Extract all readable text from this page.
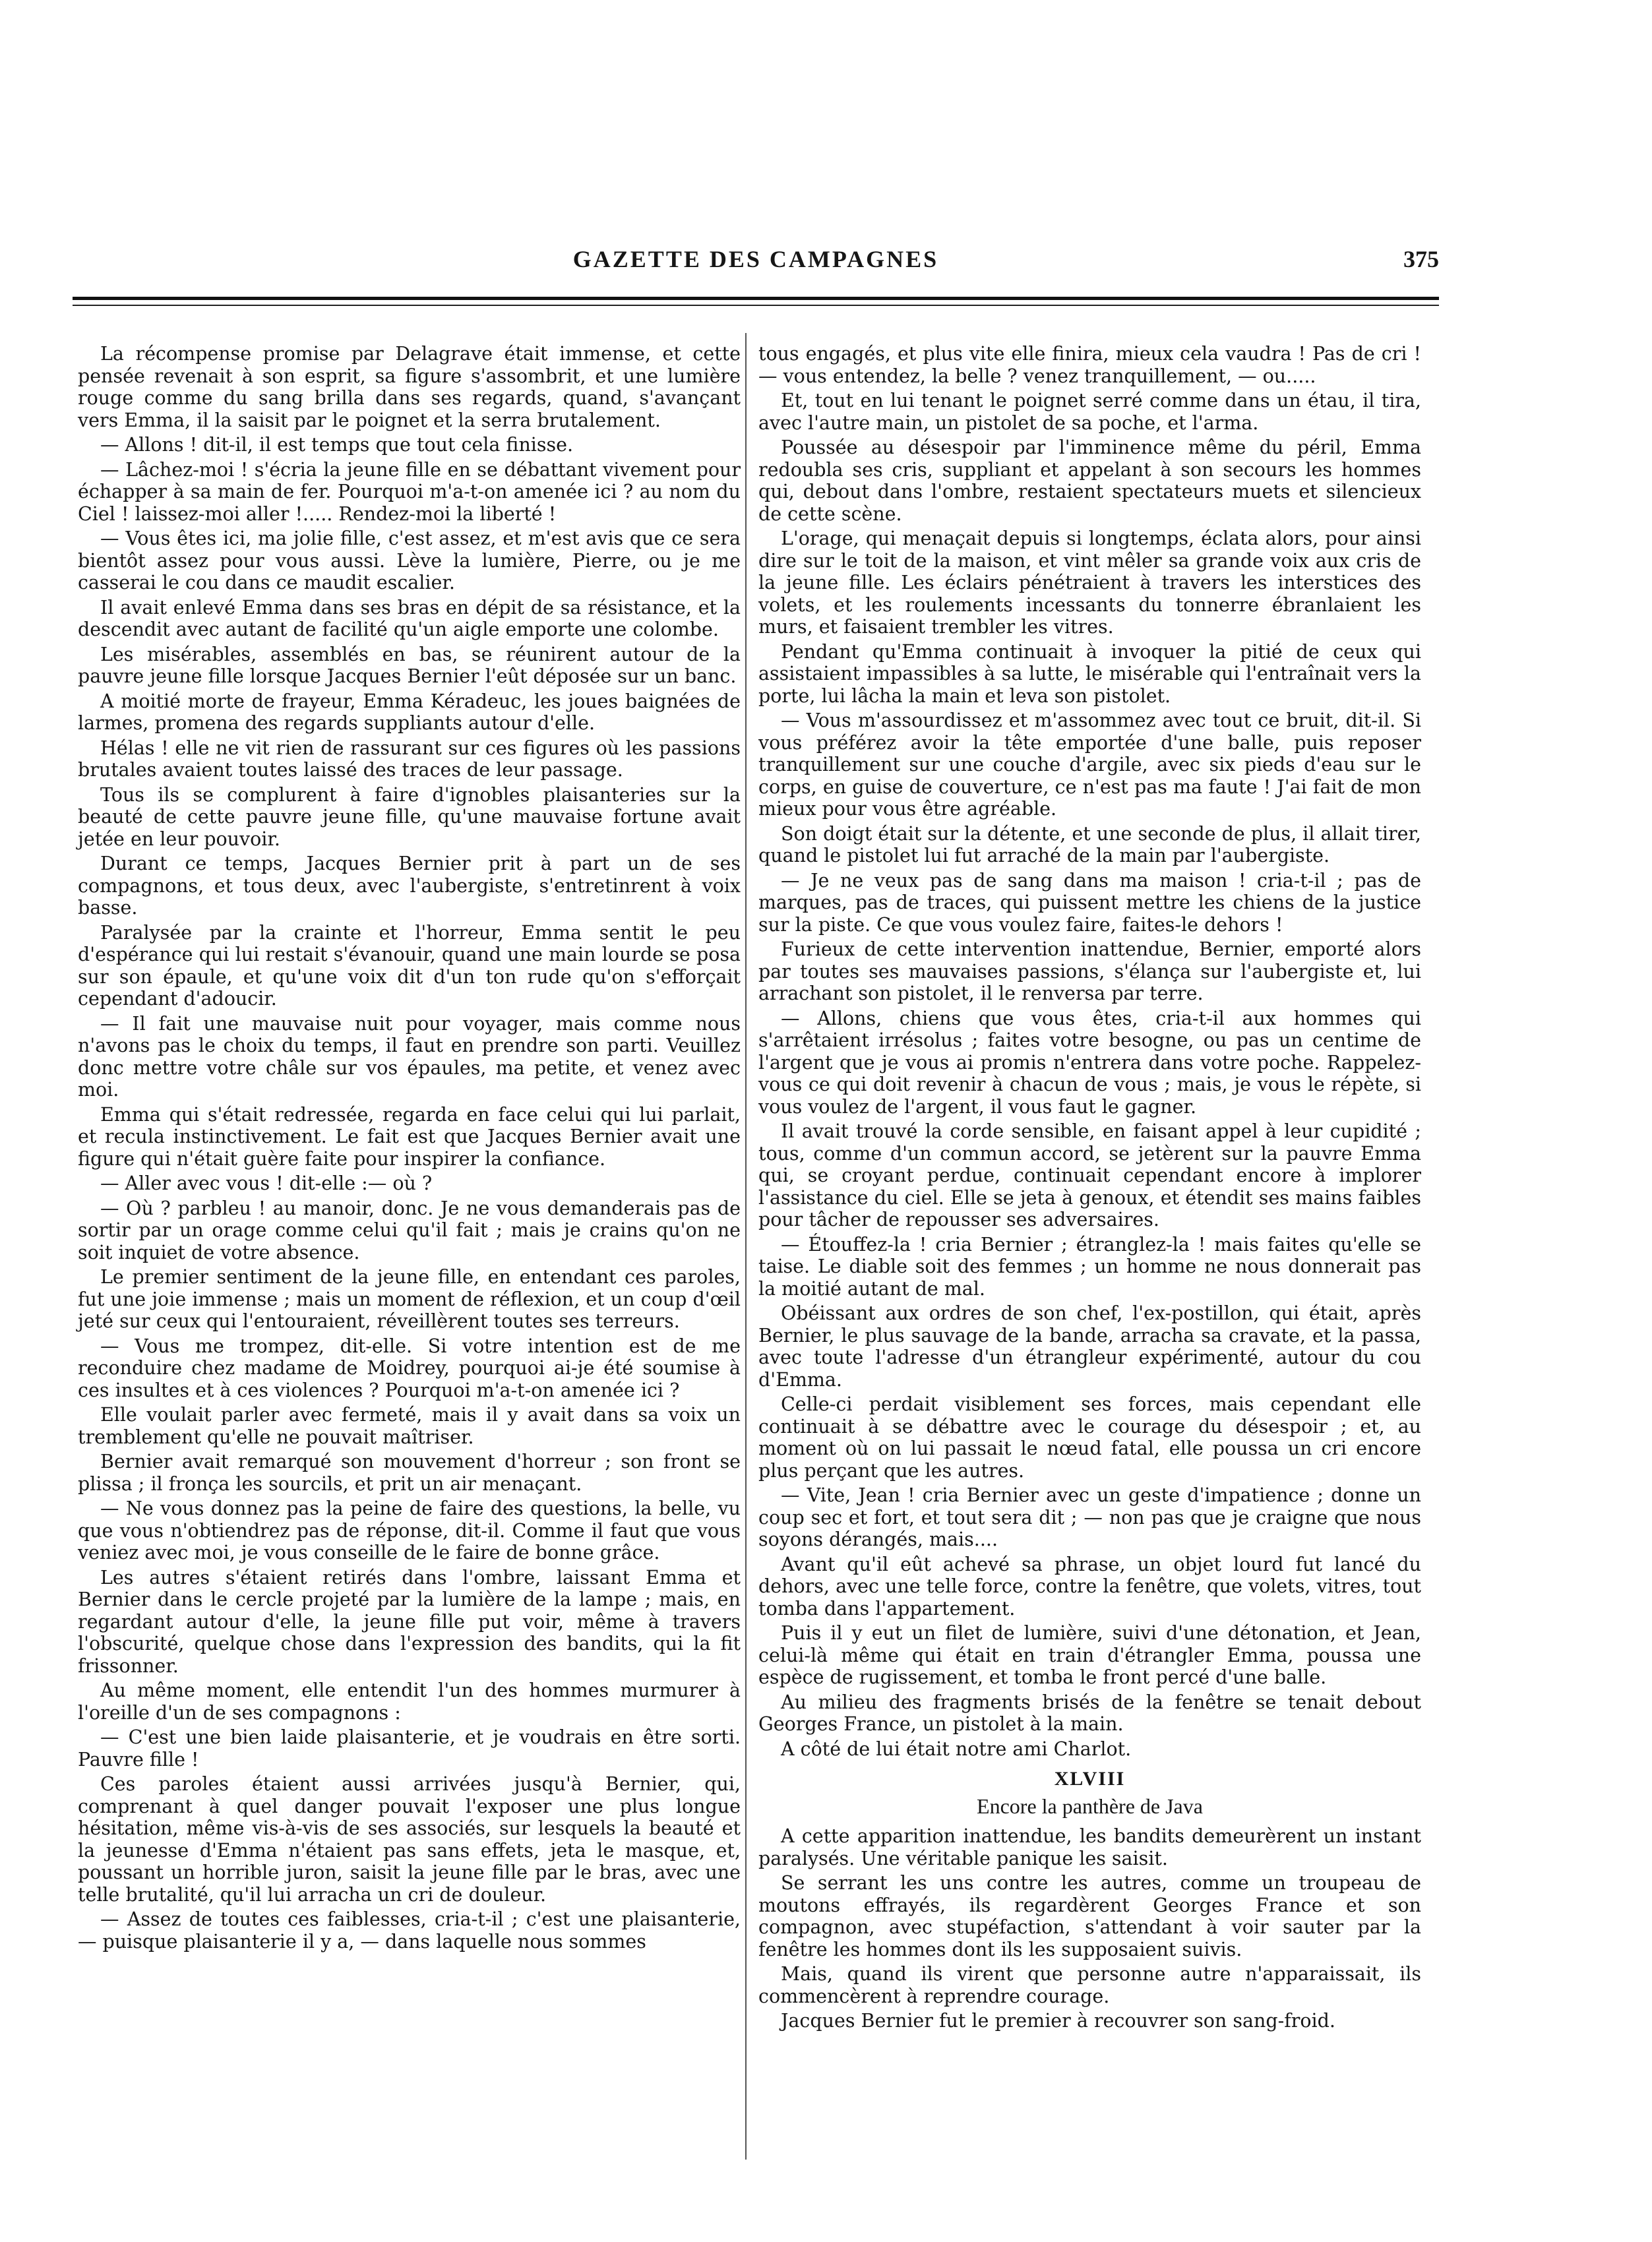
GAZETTE DES CAMPAGNES	375

La récompense promise par Delagrave était immense, et cette pensée revenait à son esprit, sa figure s'assombrit, et une lumière rouge comme du sang brilla dans ses regards, quand, s'avançant vers Emma, il la saisit par le poignet et la serra brutalement.

— Allons ! dit-il, il est temps que tout cela finisse.

— Lâchez-moi ! s'écria la jeune fille en se débattant vivement pour échapper à sa main de fer. Pourquoi m'a-t-on amenée ici ? au nom du Ciel ! laissez-moi aller !..... Rendez-moi la liberté !

— Vous êtes ici, ma jolie fille, c'est assez, et m'est avis que ce sera bientôt assez pour vous aussi. Lève la lumière, Pierre, ou je me casserai le cou dans ce maudit escalier.

Il avait enlevé Emma dans ses bras en dépit de sa résistance, et la descendit avec autant de facilité qu'un aigle emporte une colombe.

Les misérables, assemblés en bas, se réunirent autour de la pauvre jeune fille lorsque Jacques Bernier l'eût déposée sur un banc.

A moitié morte de frayeur, Emma Kéradeuc, les joues baignées de larmes, promena des regards suppliants autour d'elle.

Hélas ! elle ne vit rien de rassurant sur ces figures où les passions brutales avaient toutes laissé des traces de leur passage.

Tous ils se complurent à faire d'ignobles plaisanteries sur la beauté de cette pauvre jeune fille, qu'une mauvaise fortune avait jetée en leur pouvoir.

Durant ce temps, Jacques Bernier prit à part un de ses compagnons, et tous deux, avec l'aubergiste, s'entretinrent à voix basse.

Paralysée par la crainte et l'horreur, Emma sentit le peu d'espérance qui lui restait s'évanouir, quand une main lourde se posa sur son épaule, et qu'une voix dit d'un ton rude qu'on s'efforçait cependant d'adoucir.

— Il fait une mauvaise nuit pour voyager, mais comme nous n'avons pas le choix du temps, il faut en prendre son parti. Veuillez donc mettre votre châle sur vos épaules, ma petite, et venez avec moi.

Emma qui s'était redressée, regarda en face celui qui lui parlait, et recula instinctivement. Le fait est que Jacques Bernier avait une figure qui n'était guère faite pour inspirer la confiance.

— Aller avec vous ! dit-elle :— où ?

— Où ? parbleu ! au manoir, donc. Je ne vous demanderais pas de sortir par un orage comme celui qu'il fait ; mais je crains qu'on ne soit inquiet de votre absence.

Le premier sentiment de la jeune fille, en entendant ces paroles, fut une joie immense ; mais un moment de réflexion, et un coup d'œil jeté sur ceux qui l'entouraient, réveillèrent toutes ses terreurs.

— Vous me trompez, dit-elle. Si votre intention est de me reconduire chez madame de Moidrey, pourquoi ai-je été soumise à ces insultes et à ces violences ? Pourquoi m'a-t-on amenée ici ?

Elle voulait parler avec fermeté, mais il y avait dans sa voix un tremblement qu'elle ne pouvait maîtriser.

Bernier avait remarqué son mouvement d'horreur ; son front se plissa ; il fronça les sourcils, et prit un air menaçant.

— Ne vous donnez pas la peine de faire des questions, la belle, vu que vous n'obtiendrez pas de réponse, dit-il. Comme il faut que vous veniez avec moi, je vous conseille de le faire de bonne grâce.

Les autres s'étaient retirés dans l'ombre, laissant Emma et Bernier dans le cercle projeté par la lumière de la lampe ; mais, en regardant autour d'elle, la jeune fille put voir, même à travers l'obscurité, quelque chose dans l'expression des bandits, qui la fit frissonner.

Au même moment, elle entendit l'un des hommes murmurer à l'oreille d'un de ses compagnons :

— C'est une bien laide plaisanterie, et je voudrais en être sorti. Pauvre fille !

Ces paroles étaient aussi arrivées jusqu'à Bernier, qui, comprenant à quel danger pouvait l'exposer une plus longue hésitation, même vis-à-vis de ses associés, sur lesquels la beauté et la jeunesse d'Emma n'étaient pas sans effets, jeta le masque, et, poussant un horrible juron, saisit la jeune fille par le bras, avec une telle brutalité, qu'il lui arracha un cri de douleur.

— Assez de toutes ces faiblesses, cria-t-il ; c'est une plaisanterie, — puisque plaisanterie il y a, — dans laquelle nous sommes

tous engagés, et plus vite elle finira, mieux cela vaudra ! Pas de cri ! — vous entendez, la belle ? venez tranquillement, — ou.....

Et, tout en lui tenant le poignet serré comme dans un étau, il tira, avec l'autre main, un pistolet de sa poche, et l'arma.

Poussée au désespoir par l'imminence même du péril, Emma redoubla ses cris, suppliant et appelant à son secours les hommes qui, debout dans l'ombre, restaient spectateurs muets et silencieux de cette scène.

L'orage, qui menaçait depuis si longtemps, éclata alors, pour ainsi dire sur le toit de la maison, et vint mêler sa grande voix aux cris de la jeune fille. Les éclairs pénétraient à travers les interstices des volets, et les roulements incessants du tonnerre ébranlaient les murs, et faisaient trembler les vitres.

Pendant qu'Emma continuait à invoquer la pitié de ceux qui assistaient impassibles à sa lutte, le misérable qui l'entraînait vers la porte, lui lâcha la main et leva son pistolet.

— Vous m'assourdissez et m'assommez avec tout ce bruit, dit-il. Si vous préférez avoir la tête emportée d'une balle, puis reposer tranquillement sur une couche d'argile, avec six pieds d'eau sur le corps, en guise de couverture, ce n'est pas ma faute ! J'ai fait de mon mieux pour vous être agréable.

Son doigt était sur la détente, et une seconde de plus, il allait tirer, quand le pistolet lui fut arraché de la main par l'aubergiste.

— Je ne veux pas de sang dans ma maison ! cria-t-il ; pas de marques, pas de traces, qui puissent mettre les chiens de la justice sur la piste. Ce que vous voulez faire, faites-le dehors !

Furieux de cette intervention inattendue, Bernier, emporté alors par toutes ses mauvaises passions, s'élança sur l'aubergiste et, lui arrachant son pistolet, il le renversa par terre.

— Allons, chiens que vous êtes, cria-t-il aux hommes qui s'arrêtaient irrésolus ; faites votre besogne, ou pas un centime de l'argent que je vous ai promis n'entrera dans votre poche. Rappelez-vous ce qui doit revenir à chacun de vous ; mais, je vous le répète, si vous voulez de l'argent, il vous faut le gagner.

Il avait trouvé la corde sensible, en faisant appel à leur cupidité ; tous, comme d'un commun accord, se jetèrent sur la pauvre Emma qui, se croyant perdue, continuait cependant encore à implorer l'assistance du ciel. Elle se jeta à genoux, et étendit ses mains faibles pour tâcher de repousser ses adversaires.

— Étouffez-la ! cria Bernier ; étranglez-la ! mais faites qu'elle se taise. Le diable soit des femmes ; un homme ne nous donnerait pas la moitié autant de mal.

Obéissant aux ordres de son chef, l'ex-postillon, qui était, après Bernier, le plus sauvage de la bande, arracha sa cravate, et la passa, avec toute l'adresse d'un étrangleur expérimenté, autour du cou d'Emma.

Celle-ci perdait visiblement ses forces, mais cependant elle continuait à se débattre avec le courage du désespoir ; et, au moment où on lui passait le nœud fatal, elle poussa un cri encore plus perçant que les autres.

— Vite, Jean ! cria Bernier avec un geste d'impatience ; donne un coup sec et fort, et tout sera dit ; — non pas que je craigne que nous soyons dérangés, mais....

Avant qu'il eût achevé sa phrase, un objet lourd fut lancé du dehors, avec une telle force, contre la fenêtre, que volets, vitres, tout tomba dans l'appartement.

Puis il y eut un filet de lumière, suivi d'une détonation, et Jean, celui-là même qui était en train d'étrangler Emma, poussa une espèce de rugissement, et tomba le front percé d'une balle.

Au milieu des fragments brisés de la fenêtre se tenait debout Georges France, un pistolet à la main.

A côté de lui était notre ami Charlot.

XLVIII
Encore la panthère de Java

A cette apparition inattendue, les bandits demeurèrent un instant paralysés. Une véritable panique les saisit.

Se serrant les uns contre les autres, comme un troupeau de moutons effrayés, ils regardèrent Georges France et son compagnon, avec stupéfaction, s'attendant à voir sauter par la fenêtre les hommes dont ils les supposaient suivis.

Mais, quand ils virent que personne autre n'apparaissait, ils commencèrent à reprendre courage.

Jacques Bernier fut le premier à recouvrer son sang-froid.
